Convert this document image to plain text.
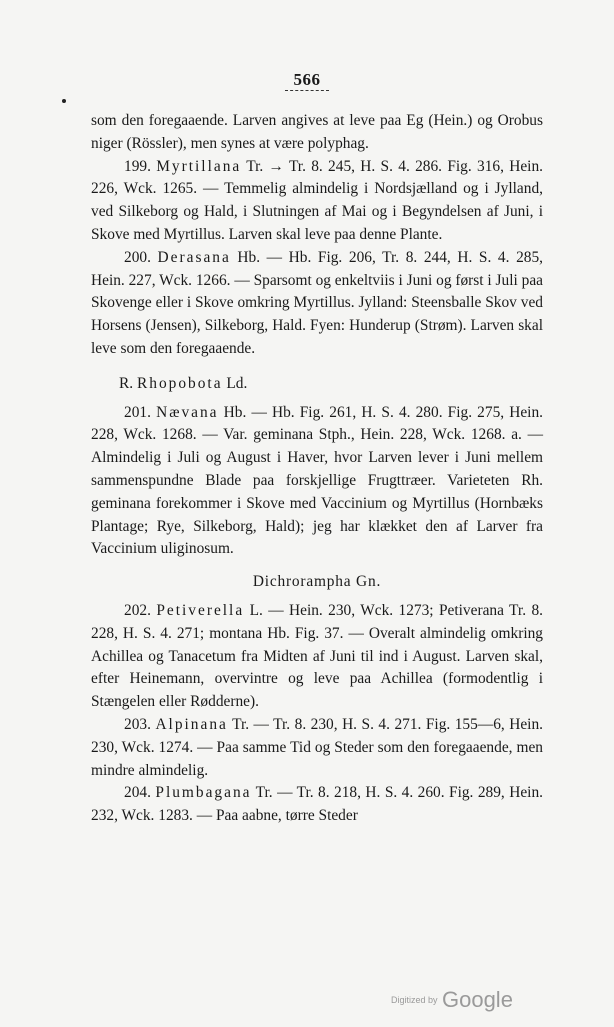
566

som den foregaaende. Larven angives at leve paa Eg (Hein.) og Orobus niger (Rössler), men synes at være polyphag.

199. Myrtillana Tr. → Tr. 8. 245, H. S. 4. 286. Fig. 316, Hein. 226, Wck. 1265. — Temmelig almindelig i Nordsjælland og i Jylland, ved Silkeborg og Hald, i Slutningen af Mai og i Begyndelsen af Juni, i Skove med Myrtillus. Larven skal leve paa denne Plante.

200. Derasana Hb. — Hb. Fig. 206, Tr. 8. 244, H. S. 4. 285, Hein. 227, Wck. 1266. — Sparsomt og enkeltviis i Juni og først i Juli paa Skovenge eller i Skove omkring Myrtillus. Jylland: Steensballe Skov ved Horsens (Jensen), Silkeborg, Hald. Fyen: Hunderup (Strøm). Larven skal leve som den foregaaende.

R. Rhopobota Ld.

201. Nævana Hb. — Hb. Fig. 261, H. S. 4. 280. Fig. 275, Hein. 228, Wck. 1268. — Var. geminana Stph., Hein. 228, Wck. 1268. a. — Almindelig i Juli og August i Haver, hvor Larven lever i Juni mellem sammenspundne Blade paa forskjellige Frugttræer. Varieteten Rh. geminana forekommer i Skove med Vaccinium og Myrtillus (Hornbæks Plantage; Rye, Silkeborg, Hald); jeg har klækket den af Larver fra Vaccinium uliginosum.

Dichrorampha Gn.

202. Petiverella L. — Hein. 230, Wck. 1273; Petiverana Tr. 8. 228, H. S. 4. 271; montana Hb. Fig. 37. — Overalt almindelig omkring Achillea og Tanacetum fra Midten af Juni til ind i August. Larven skal, efter Heinemann, overvintre og leve paa Achillea (formodentlig i Stængelen eller Rødderne).

203. Alpinana Tr. — Tr. 8. 230, H. S. 4. 271. Fig. 155—6, Hein. 230, Wck. 1274. — Paa samme Tid og Steder som den foregaaende, men mindre almindelig.

204. Plumbagana Tr. — Tr. 8. 218, H. S. 4. 260. Fig. 289, Hein. 232, Wck. 1283. — Paa aabne, tørre Steder

Digitized by Google
